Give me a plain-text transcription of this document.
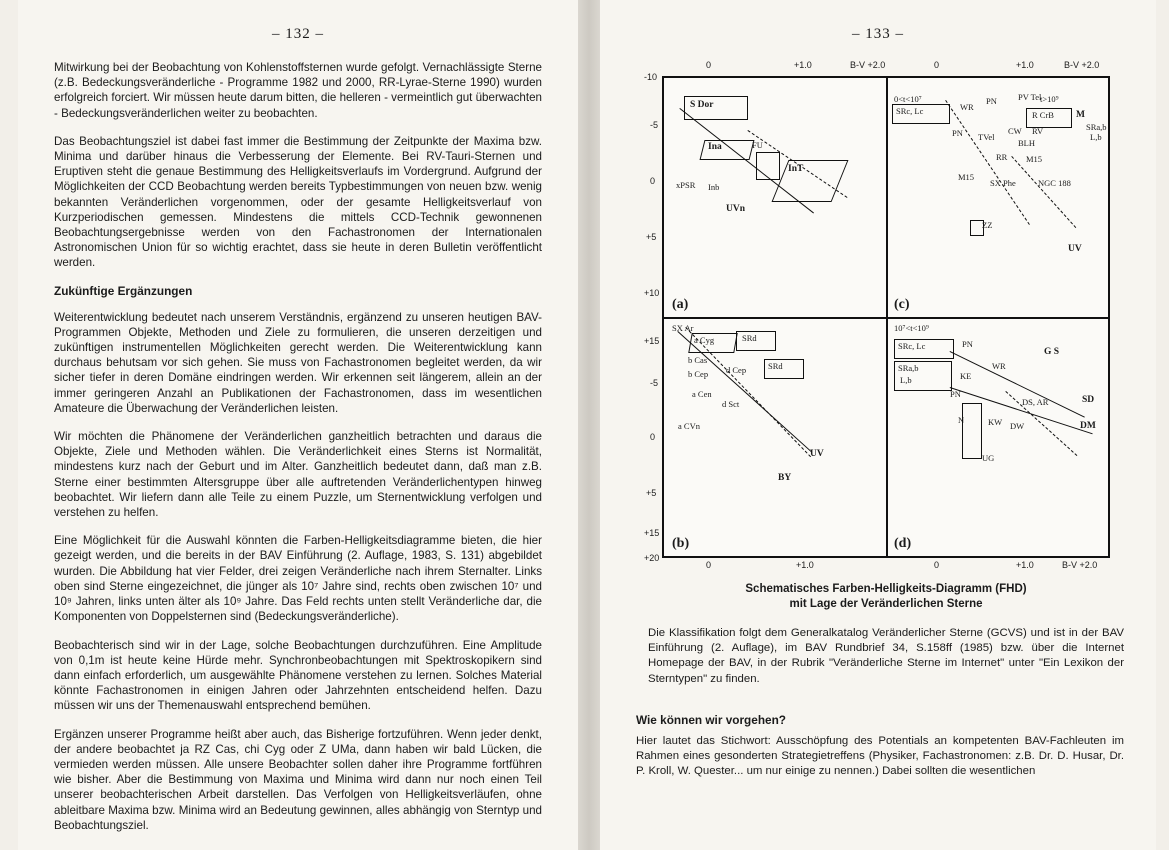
– 132 –

Mitwirkung bei der Beobachtung von Kohlenstoffsternen wurde gefolgt. Vernachlässigte Sterne (z.B. Bedeckungsveränderliche - Programme 1982 und 2000, RR-Lyrae-Sterne 1990) wurden erfolgreich forciert. Wir müssen heute darum bitten, die helleren - vermeintlich gut überwachten - Bedeckungsveränderlichen weiter zu beobachten.

Das Beobachtungsziel ist dabei fast immer die Bestimmung der Zeitpunkte der Maxima bzw. Minima und darüber hinaus die Verbesserung der Elemente. Bei RV-Tauri-Sternen und Eruptiven steht die genaue Bestimmung des Helligkeitsverlaufs im Vordergrund. Aufgrund der Möglichkeiten der CCD Beobachtung werden bereits Typbestimmungen von neuen bzw. wenig bekannten Veränderlichen vorgenommen, oder der gesamte Helligkeitsverlauf von Kurzperiodischen gemessen. Mindestens die mittels CCD-Technik gewonnenen Beobachtungsergebnisse werden von den Fachastronomen der Internationalen Astronomischen Union für so wichtig erachtet, dass sie heute in deren Bulletin veröffentlicht werden.

Zukünftige Ergänzungen

Weiterentwicklung bedeutet nach unserem Verständnis, ergänzend zu unseren heutigen BAV-Programmen Objekte, Methoden und Ziele zu formulieren, die unseren derzeitigen und zukünftigen instrumentellen Möglichkeiten gerecht werden. Die Weiterentwicklung kann durchaus behutsam vor sich gehen. Sie muss von Fachastronomen begleitet werden, da wir sicher tiefer in deren Domäne eindringen werden. Wir erkennen seit längerem, allein an der immer geringeren Anzahl an Publikationen der Fachastronomen, dass im wesentlichen Amateure die Überwachung der Veränderlichen leisten.

Wir möchten die Phänomene der Veränderlichen ganzheitlich betrachten und daraus die Objekte, Ziele und Methoden wählen. Die Veränderlichkeit eines Sterns ist Normalität, mindestens kurz nach der Geburt und im Alter. Ganzheitlich bedeutet dann, daß man z.B. Sterne einer bestimmten Altersgruppe über alle auftretenden Veränderlichentypen hinweg beobachtet. Wir liefern dann alle Teile zu einem Puzzle, um Sternentwicklung verfolgen und verstehen zu helfen.

Eine Möglichkeit für die Auswahl könnten die Farben-Helligkeitsdiagramme bieten, die hier gezeigt werden, und die bereits in der BAV Einführung (2. Auflage, 1983, S. 131) abgebildet wurden. Die Abbildung hat vier Felder, drei zeigen Veränderliche nach ihrem Sternalter. Links oben sind Sterne eingezeichnet, die jünger als 10⁷ Jahre sind, rechts oben zwischen 10⁷ und 10⁹ Jahren, links unten älter als 10⁹ Jahre. Das Feld rechts unten stellt Veränderliche dar, die Komponenten von Doppelsternen sind (Bedeckungsveränderliche).

Beobachterisch sind wir in der Lage, solche Beobachtungen durchzuführen. Eine Amplitude von 0,1m ist heute keine Hürde mehr. Synchronbeobachtungen mit Spektroskopikern sind dann einfach erforderlich, um ausgewählte Phänomene verstehen zu lernen. Solches Material könnte Fachastronomen in einigen Jahren oder Jahrzehnten entscheidend helfen. Dazu müssen wir uns der Themenauswahl entsprechend bemühen.

Ergänzen unserer Programme heißt aber auch, das Bisherige fortzuführen. Wenn jeder denkt, der andere beobachtet ja RZ Cas, chi Cyg oder Z UMa, dann haben wir bald Lücken, die vermieden werden müssen. Alle unsere Beobachter sollen daher ihre Programme fortführen wie bisher. Aber die Bestimmung von Maxima und Minima wird dann nur noch einen Teil unserer beobachterischen Arbeit darstellen. Das Verfolgen von Helligkeitsverläufen, ohne ableitbare Maxima bzw. Minima wird an Bedeutung gewinnen, alles abhängig von Sterntyp und Beobachtungsziel.

– 133 –
0	+1.0	B-V +2.0	0	+1.0	B-V +2.0
-10
-5
0
+5
+10
+15
-5
0
+5
+15
+20
0	+1.0	0	+1.0	B-V +2.0
(a)
S Dor
Ina	FU
InT
Inb
UVn
xPSR
(c)
0<t<10⁷	t>10⁹
SRc, Lc	WR
PN PV Tel
R CrB M
SRa,b
L,b
PN TVel
CW RV
BLH
RR M15
M15
SX Phe	NGC 188
ZZ
UV
(b)
SX Ar
a Cyg	SRd
b Cas
b Cep d Cep	SRd
d Sct
a Cen
a CVn
UV
BY
(d)
10⁷<t<10⁹
SRc, Lc	PN
G S
SRa,b
L,b	KE
WR
PN
DS, AR	SD
N	KW DW	DM
UG
Schematisches Farben-Helligkeits-Diagramm (FHD)
mit Lage der Veränderlichen Sterne
Die Klassifikation folgt dem Generalkatalog Veränderlicher Sterne (GCVS) und ist in der BAV Einführung (2. Auflage), im BAV Rundbrief 34, S.158ff (1985) bzw. über die Internet Homepage der BAV, in der Rubrik "Veränderliche Sterne im Internet" unter "Ein Lexikon der Sterntypen" zu finden.
Wie können wir vorgehen?
Hier lautet das Stichwort: Ausschöpfung des Potentials an kompetenten BAV-Fachleuten im Rahmen eines gesonderten Strategietreffens (Physiker, Fachastronomen: z.B. Dr. D. Husar, Dr. P. Kroll, W. Quester... um nur einige zu nennen.) Dabei sollten die wesentlichen
